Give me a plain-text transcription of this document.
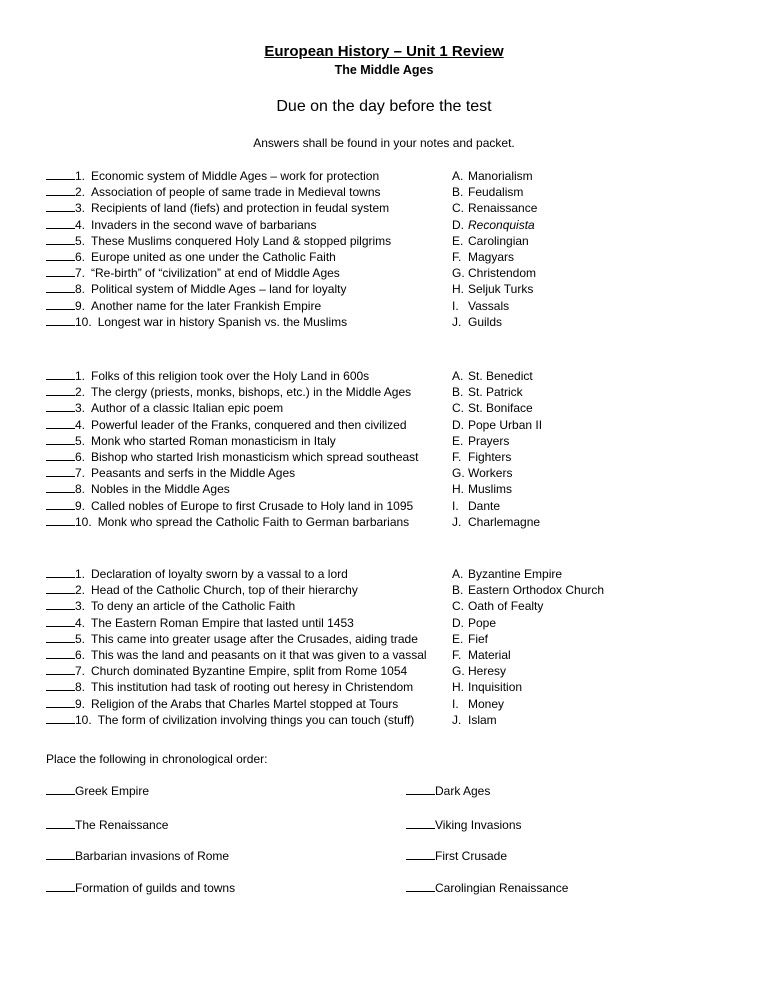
European History – Unit 1 Review
The Middle Ages
Due on the day before the test
Answers shall be found in your notes and packet.
1. Economic system of Middle Ages – work for protection	A. Manorialism
2. Association of people of same trade in Medieval towns	B. Feudalism
3. Recipients of land (fiefs) and protection in feudal system	C. Renaissance
4. Invaders in the second wave of barbarians	D. Reconquista
5. These Muslims conquered Holy Land & stopped pilgrims	E. Carolingian
6. Europe united as one under the Catholic Faith	F. Magyars
7. “Re-birth” of “civilization” at end of Middle Ages	G. Christendom
8. Political system of Middle Ages – land for loyalty	H. Seljuk Turks
9. Another name for the later Frankish Empire	I. Vassals
10.Longest war in history Spanish vs. the Muslims	J. Guilds
1. Folks of this religion took over the Holy Land in 600s	A. St. Benedict
2. The clergy (priests, monks, bishops, etc.) in the Middle Ages	B. St. Patrick
3. Author of a classic Italian epic poem	C. St. Boniface
4. Powerful leader of the Franks, conquered and then civilized	D. Pope Urban II
5. Monk who started Roman monasticism in Italy	E. Prayers
6. Bishop who started Irish monasticism which spread southeast	F. Fighters
7. Peasants and serfs in the Middle Ages	G. Workers
8. Nobles in the Middle Ages	H. Muslims
9. Called nobles of Europe to first Crusade to Holy land in 1095	I. Dante
10.Monk who spread the Catholic Faith to German barbarians	J. Charlemagne
1. Declaration of loyalty sworn by a vassal to a lord	A. Byzantine Empire
2. Head of the Catholic Church, top of their hierarchy	B. Eastern Orthodox Church
3. To deny an article of the Catholic Faith	C. Oath of Fealty
4. The Eastern Roman Empire that lasted until 1453	D. Pope
5. This came into greater usage after the Crusades, aiding trade	E. Fief
6. This was the land and peasants on it that was given to a vassal F. Material
7. Church dominated Byzantine Empire, split from Rome 1054	G. Heresy
8. This institution had task of rooting out heresy in Christendom	H. Inquisition
9. Religion of the Arabs that Charles Martel stopped at Tours	I. Money
10.The form of civilization involving things you can touch (stuff)	J. Islam
Place the following in chronological order:
Greek Empire	Dark Ages
The Renaissance	Viking Invasions
Barbarian invasions of Rome	First Crusade
Formation of guilds and towns	Carolingian Renaissance
